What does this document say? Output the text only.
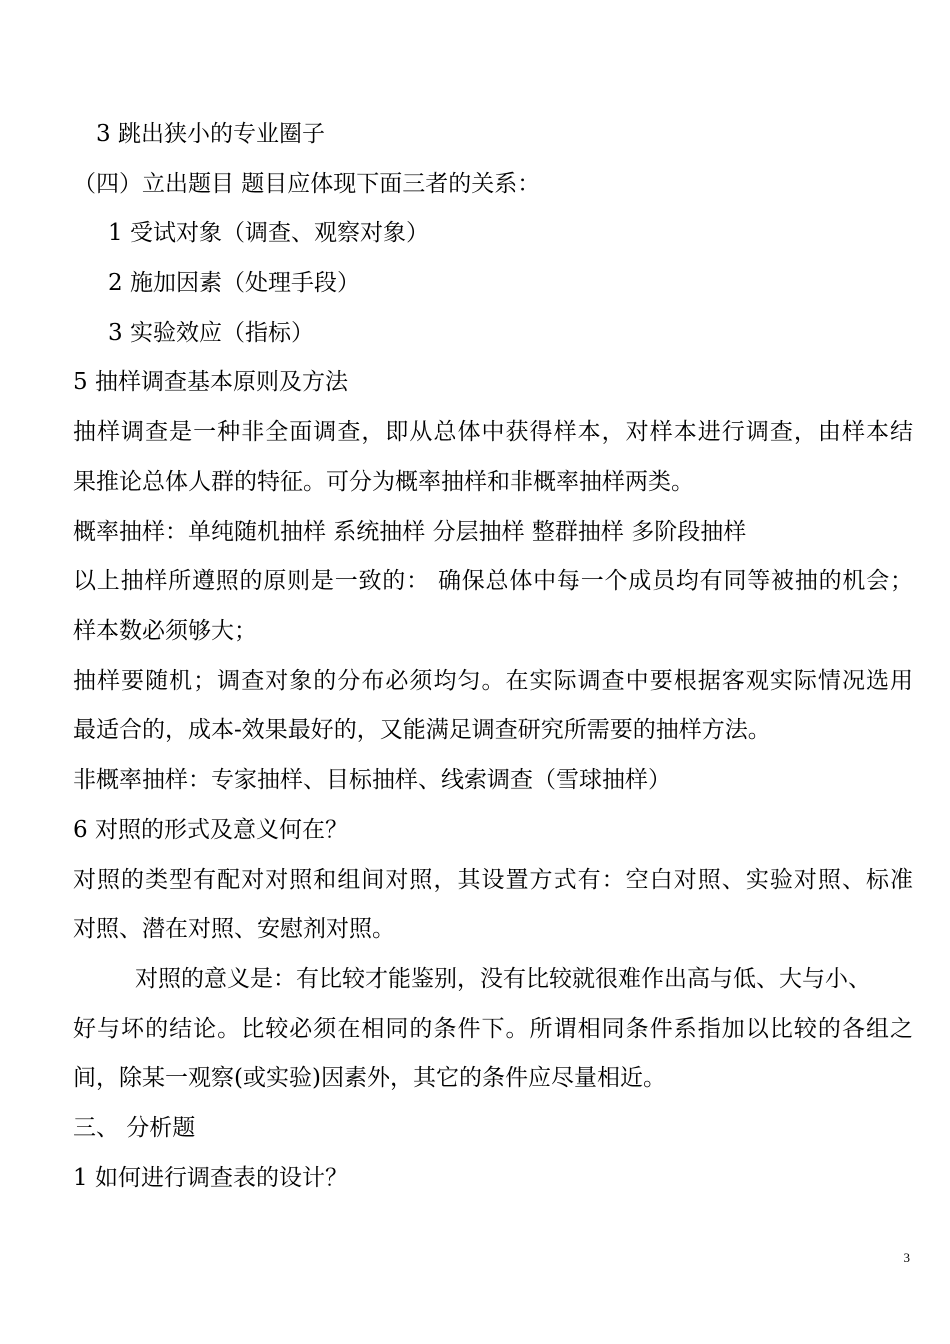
3 跳出狭小的专业圈子
（四）立出题目 题目应体现下面三者的关系：
1 受试对象（调查、观察对象）
2 施加因素（处理手段）
3 实验效应（指标）
5 抽样调查基本原则及方法
抽样调查是一种非全面调查，即从总体中获得样本，对样本进行调查，由样本结
果推论总体人群的特征。可分为概率抽样和非概率抽样两类。
概率抽样：单纯随机抽样 系统抽样 分层抽样 整群抽样 多阶段抽样
以上抽样所遵照的原则是一致的： 确保总体中每一个成员均有同等被抽的机会；
样本数必须够大；
抽样要随机；调查对象的分布必须均匀。在实际调查中要根据客观实际情况选用
最适合的，成本-效果最好的，又能满足调查研究所需要的抽样方法。
非概率抽样：专家抽样、目标抽样、线索调查（雪球抽样）
6 对照的形式及意义何在？
对照的类型有配对对照和组间对照，其设置方式有：空白对照、实验对照、标准
对照、潜在对照、安慰剂对照。
对照的意义是：有比较才能鉴别，没有比较就很难作出高与低、大与小、
好与坏的结论。比较必须在相同的条件下。所谓相同条件系指加以比较的各组之
间，除某一观察(或实验)因素外，其它的条件应尽量相近。
三、 分析题
1 如何进行调查表的设计？
3
